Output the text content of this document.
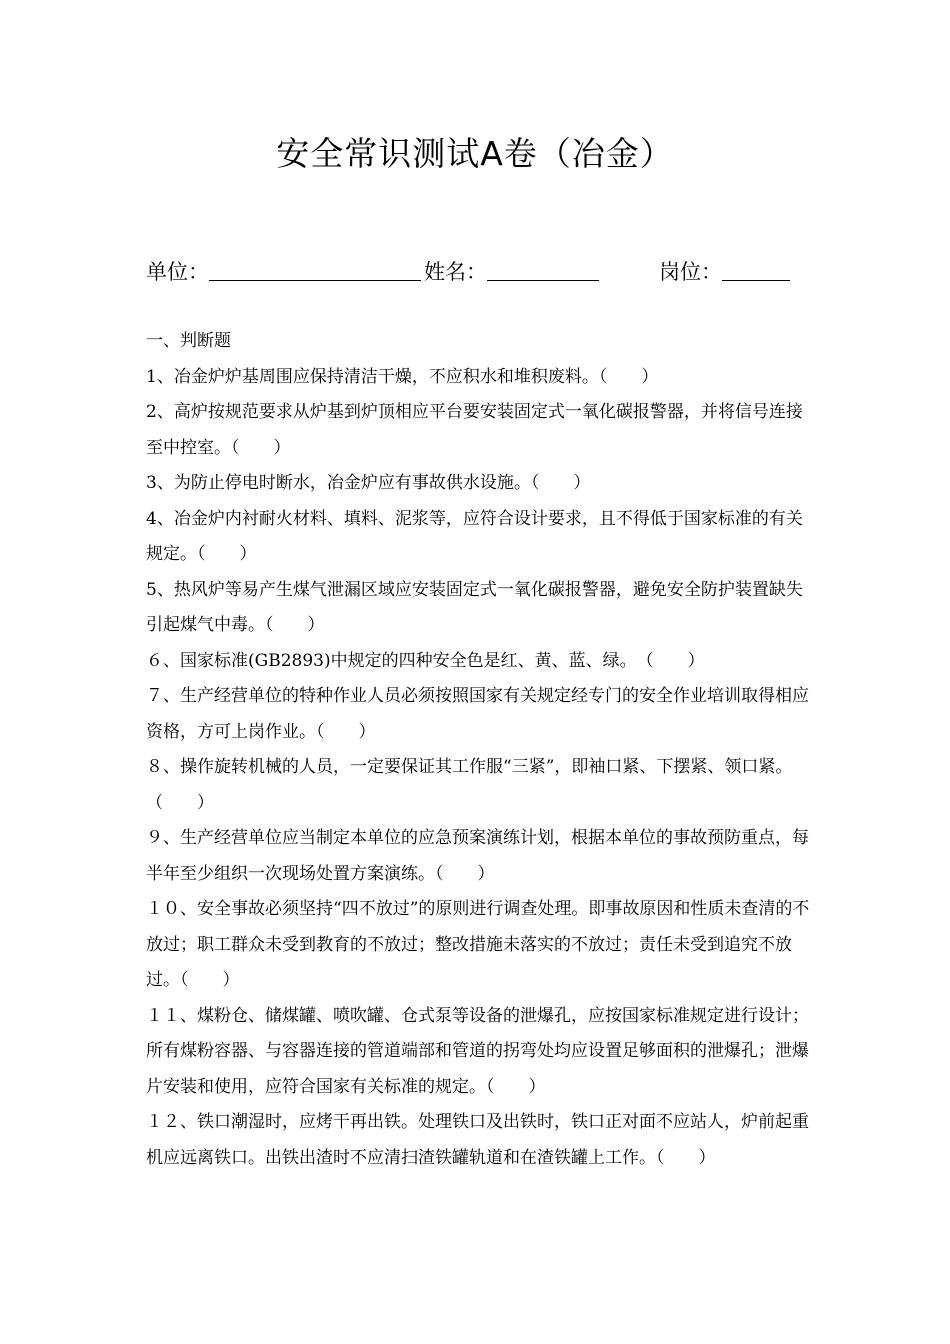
安全常识测试A卷（冶金）
单位：	姓名：	岗位：

一、判断题

1、冶金炉炉基周围应保持清洁干燥，不应积水和堆积废料。（　　）

2、高炉按规范要求从炉基到炉顶相应平台要安装固定式一氧化碳报警器，并将信号连接至中控室。（　　）

3、为防止停电时断水，冶金炉应有事故供水设施。（　　）

4、冶金炉内衬耐火材料、填料、泥浆等，应符合设计要求，且不得低于国家标准的有关规定。（　　）

5、热风炉等易产生煤气泄漏区域应安装固定式一氧化碳报警器，避免安全防护装置缺失引起煤气中毒。（　　）

６、国家标准(GB2893)中规定的四种安全色是红、黄、蓝、绿。　（　　）

７、生产经营单位的特种作业人员必须按照国家有关规定经专门的安全作业培训取得相应资格，方可上岗作业。（　　）

８、操作旋转机械的人员，一定要保证其工作服“三紧”，即袖口紧、下摆紧、领口紧。（　　）

９、生产经营单位应当制定本单位的应急预案演练计划，根据本单位的事故预防重点，每半年至少组织一次现场处置方案演练。（　　）

１０、安全事故必须坚持“四不放过”的原则进行调查处理。即事故原因和性质未查清的不放过；职工群众未受到教育的不放过；整改措施未落实的不放过；责任未受到追究不放过。（　　）

１１、煤粉仓、储煤罐、喷吹罐、仓式泵等设备的泄爆孔，应按国家标准规定进行设计；所有煤粉容器、与容器连接的管道端部和管道的拐弯处均应设置足够面积的泄爆孔；泄爆片安装和使用，应符合国家有关标准的规定。（　　）

１２、铁口潮湿时，应烤干再出铁。处理铁口及出铁时，铁口正对面不应站人，炉前起重机应远离铁口。出铁出渣时不应清扫渣铁罐轨道和在渣铁罐上工作。（　　）
